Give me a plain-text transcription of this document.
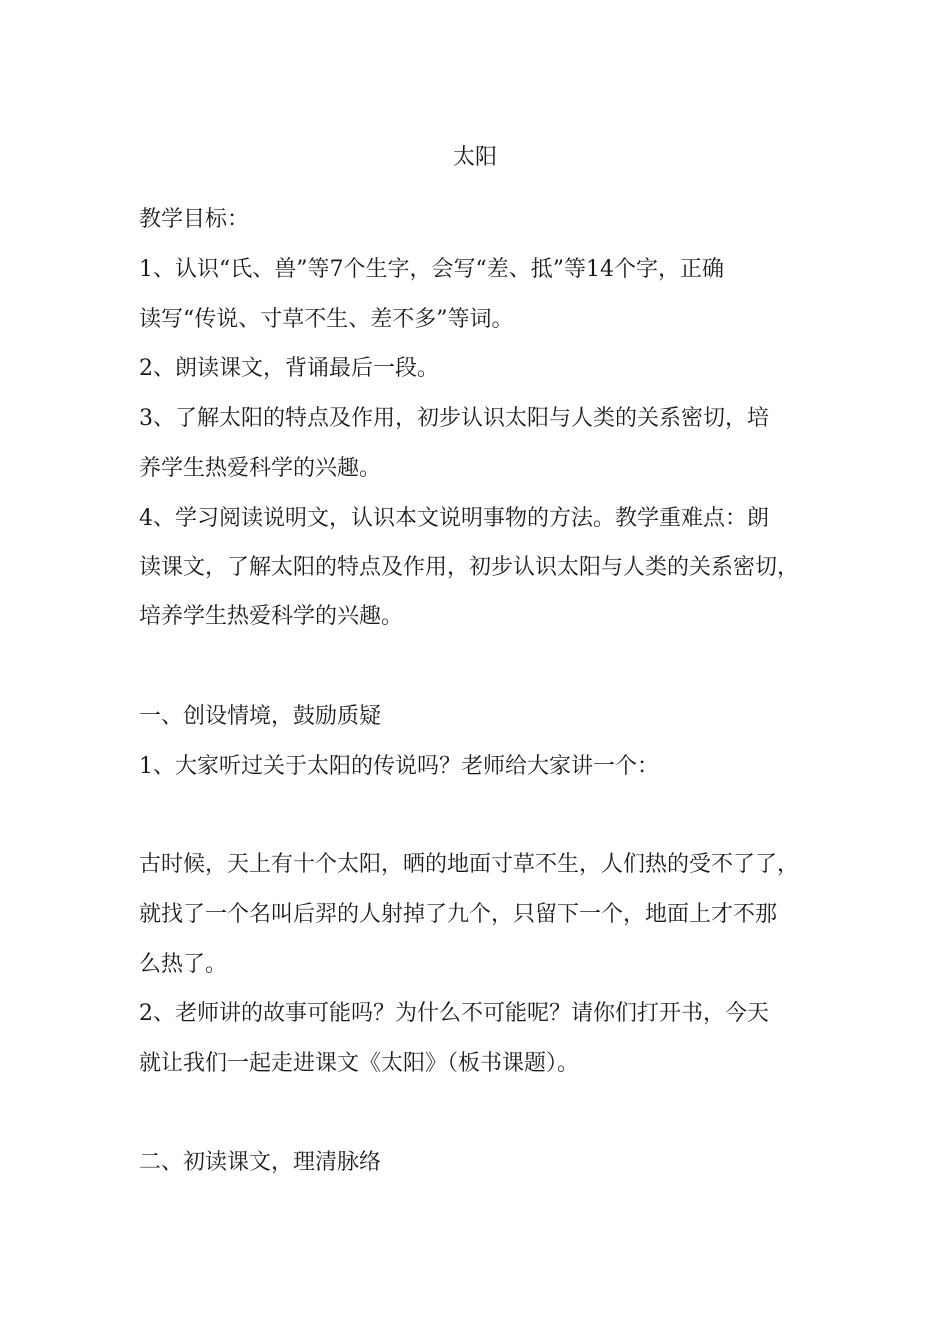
太阳
教学目标：
1、认识“氏、兽”等7个生字，会写“差、抵”等14个字，正确
读写“传说、寸草不生、差不多”等词。
2、朗读课文，背诵最后一段。
3、了解太阳的特点及作用，初步认识太阳与人类的关系密切，培
养学生热爱科学的兴趣。
4、学习阅读说明文，认识本文说明事物的方法。教学重难点：朗
读课文，了解太阳的特点及作用，初步认识太阳与人类的关系密切，
培养学生热爱科学的兴趣。
一、创设情境，鼓励质疑
1、大家听过关于太阳的传说吗？老师给大家讲一个：
古时候，天上有十个太阳，晒的地面寸草不生，人们热的受不了了，
就找了一个名叫后羿的人射掉了九个，只留下一个，地面上才不那
么热了。
2、老师讲的故事可能吗？为什么不可能呢？请你们打开书，今天
就让我们一起走进课文《太阳》（板书课题）。
二、初读课文，理清脉络
